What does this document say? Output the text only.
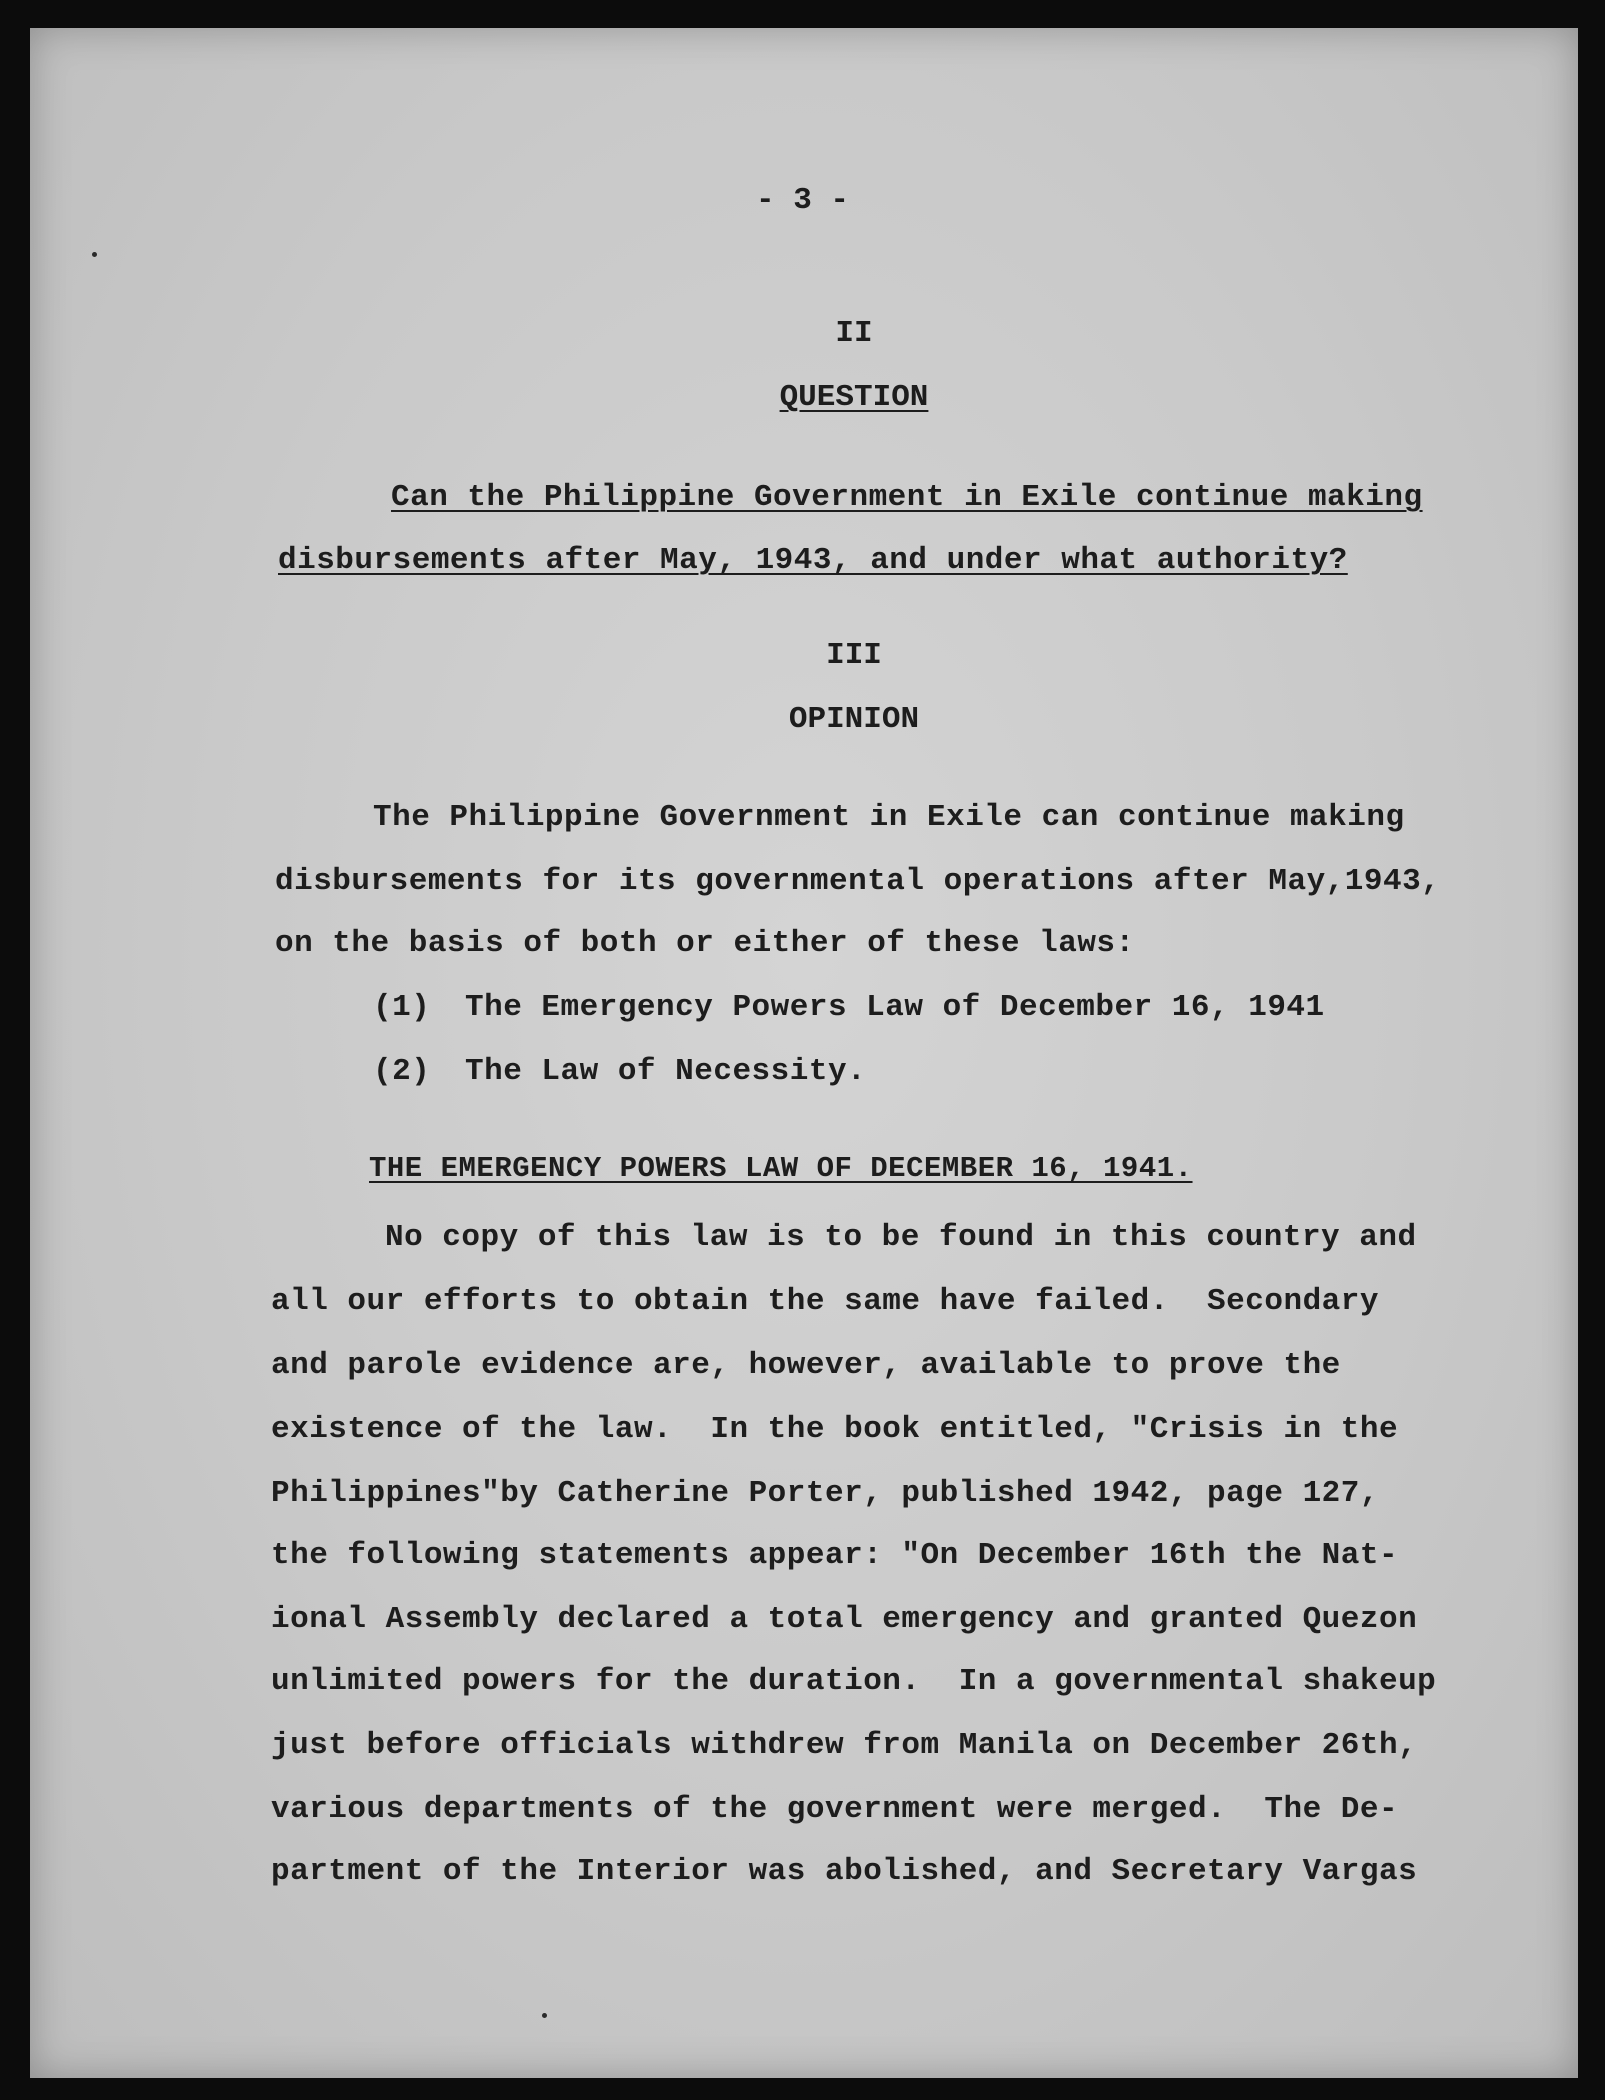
- 3 -
II
QUESTION
Can the Philippine Government in Exile continue making
disbursements after May, 1943, and under what authority?
III
OPINION
The Philippine Government in Exile can continue making
disbursements for its governmental operations after May,1943,
on the basis of both or either of these laws:
(1) The Emergency Powers Law of December 16, 1941
(2) The Law of Necessity.
THE EMERGENCY POWERS LAW OF DECEMBER 16, 1941.
No copy of this law is to be found in this country and
all our efforts to obtain the same have failed.  Secondary
and parole evidence are, however, available to prove the
existence of the law.  In the book entitled, "Crisis in the
Philippines"by Catherine Porter, published 1942, page 127,
the following statements appear: "On December 16th the Nat-
ional Assembly declared a total emergency and granted Quezon
unlimited powers for the duration.  In a governmental shakeup
just before officials withdrew from Manila on December 26th,
various departments of the government were merged.  The De-
partment of the Interior was abolished, and Secretary Vargas
